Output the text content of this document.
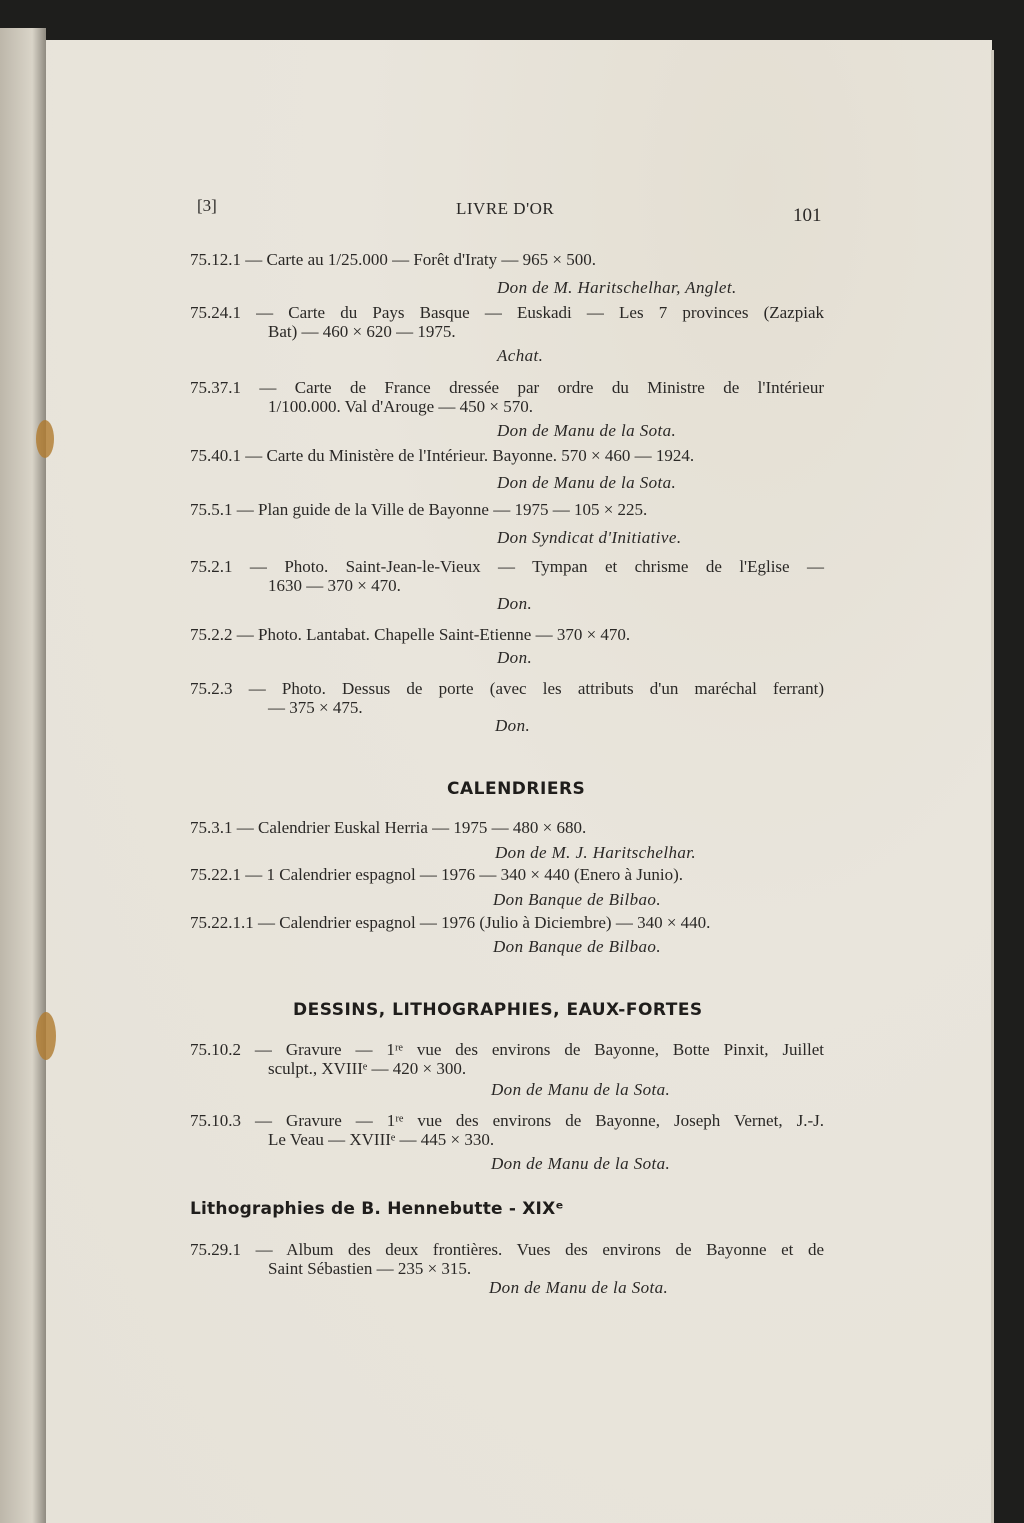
[3]	LIVRE D'OR	101
75.12.1 — Carte au 1/25.000 — Forêt d'Iraty — 965 × 500.
Don de M. Haritschelhar, Anglet.
75.24.1 — Carte du Pays Basque — Euskadi — Les 7 provinces (Zazpiak
Bat) — 460 × 620 — 1975.
Achat.
75.37.1 — Carte de France dressée par ordre du Ministre de l'Intérieur
1/100.000. Val d'Arouge — 450 × 570.
Don de Manu de la Sota.
75.40.1 — Carte du Ministère de l'Intérieur. Bayonne. 570 × 460 — 1924.
Don de Manu de la Sota.
75.5.1 — Plan guide de la Ville de Bayonne — 1975 — 105 × 225.
Don Syndicat d'Initiative.
75.2.1 — Photo. Saint-Jean-le-Vieux — Tympan et chrisme de l'Eglise —
1630 — 370 × 470.
Don.
75.2.2 — Photo. Lantabat. Chapelle Saint-Etienne — 370 × 470.
Don.
75.2.3 — Photo. Dessus de porte (avec les attributs d'un maréchal ferrant)
— 375 × 475.
Don.
CALENDRIERS
75.3.1 — Calendrier Euskal Herria — 1975 — 480 × 680.
Don de M. J. Haritschelhar.
75.22.1 — 1 Calendrier espagnol — 1976 — 340 × 440 (Enero à Junio).
Don Banque de Bilbao.
75.22.1.1 — Calendrier espagnol — 1976 (Julio à Diciembre) — 340 × 440.
Don Banque de Bilbao.
DESSINS, LITHOGRAPHIES, EAUX-FORTES
75.10.2 — Gravure — 1ʳᵉ vue des environs de Bayonne, Botte Pinxit, Juillet
sculpt., XVIIIᵉ — 420 × 300.
Don de Manu de la Sota.
75.10.3 — Gravure — 1ʳᵉ vue des environs de Bayonne, Joseph Vernet, J.-J.
Le Veau — XVIIIᵉ — 445 × 330.
Don de Manu de la Sota.
Lithographies de B. Hennebutte - XIXᵉ
75.29.1 — Album des deux frontières. Vues des environs de Bayonne et de
Saint Sébastien — 235 × 315.
Don de Manu de la Sota.
